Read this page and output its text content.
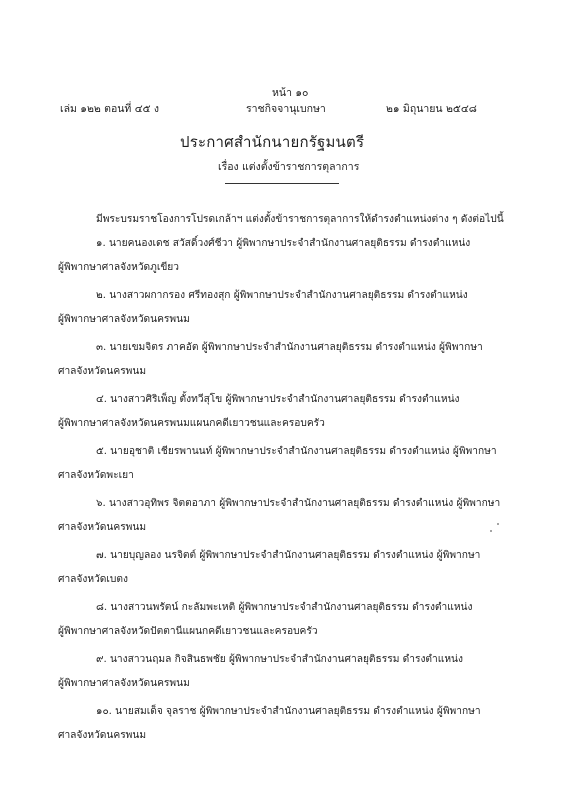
หน้า ๑๐
เล่ม ๑๒๒ ตอนที่ ๔๕ ง	ราชกิจจานุเบกษา	๒๑ มิถุนายน ๒๕๔๘
ประกาศสำนักนายกรัฐมนตรี
เรื่อง แต่งตั้งข้าราชการตุลาการ
มีพระบรมราชโองการโปรดเกล้าฯ แต่งตั้งข้าราชการตุลาการให้ดำรงตำแหน่งต่าง ๆ ดังต่อไปนี้
๑. นายคนองเดช สวัสดิ์วงศ์ชีวา ผู้พิพากษาประจำสำนักงานศาลยุติธรรม ดำรงตำแหน่ง
ผู้พิพากษาศาลจังหวัดภูเขียว
๒. นางสาวผกากรอง ศรีทองสุก ผู้พิพากษาประจำสำนักงานศาลยุติธรรม ดำรงตำแหน่ง
ผู้พิพากษาศาลจังหวัดนครพนม
๓. นายเขมจิตร ภาคอัต ผู้พิพากษาประจำสำนักงานศาลยุติธรรม ดำรงตำแหน่ง ผู้พิพากษา
ศาลจังหวัดนครพนม
๔. นางสาวศิริเพ็ญ ตั้งทวีสุโข ผู้พิพากษาประจำสำนักงานศาลยุติธรรม ดำรงตำแหน่ง
ผู้พิพากษาศาลจังหวัดนครพนมแผนกคดีเยาวชนและครอบครัว
๕. นายอุชาติ เชียรพานนท์ ผู้พิพากษาประจำสำนักงานศาลยุติธรรม ดำรงตำแหน่ง ผู้พิพากษา
ศาลจังหวัดพะเยา
๖. นางสาวอุทิพร จิตตอาภา ผู้พิพากษาประจำสำนักงานศาลยุติธรรม ดำรงตำแหน่ง ผู้พิพากษา
ศาลจังหวัดนครพนม
๗. นายบุญลอง นรจิตต์ ผู้พิพากษาประจำสำนักงานศาลยุติธรรม ดำรงตำแหน่ง ผู้พิพากษา
ศาลจังหวัดเบตง
๘. นางสาวนพรัตน์ กะลัมพะเหติ ผู้พิพากษาประจำสำนักงานศาลยุติธรรม ดำรงตำแหน่ง
ผู้พิพากษาศาลจังหวัดปัตตานีแผนกคดีเยาวชนและครอบครัว
๙. นางสาวนฤมล กิจสินธพชัย ผู้พิพากษาประจำสำนักงานศาลยุติธรรม ดำรงตำแหน่ง
ผู้พิพากษาศาลจังหวัดนครพนม
๑๐. นายสมเด็จ จุลราช ผู้พิพากษาประจำสำนักงานศาลยุติธรรม ดำรงตำแหน่ง ผู้พิพากษา
ศาลจังหวัดนครพนม
